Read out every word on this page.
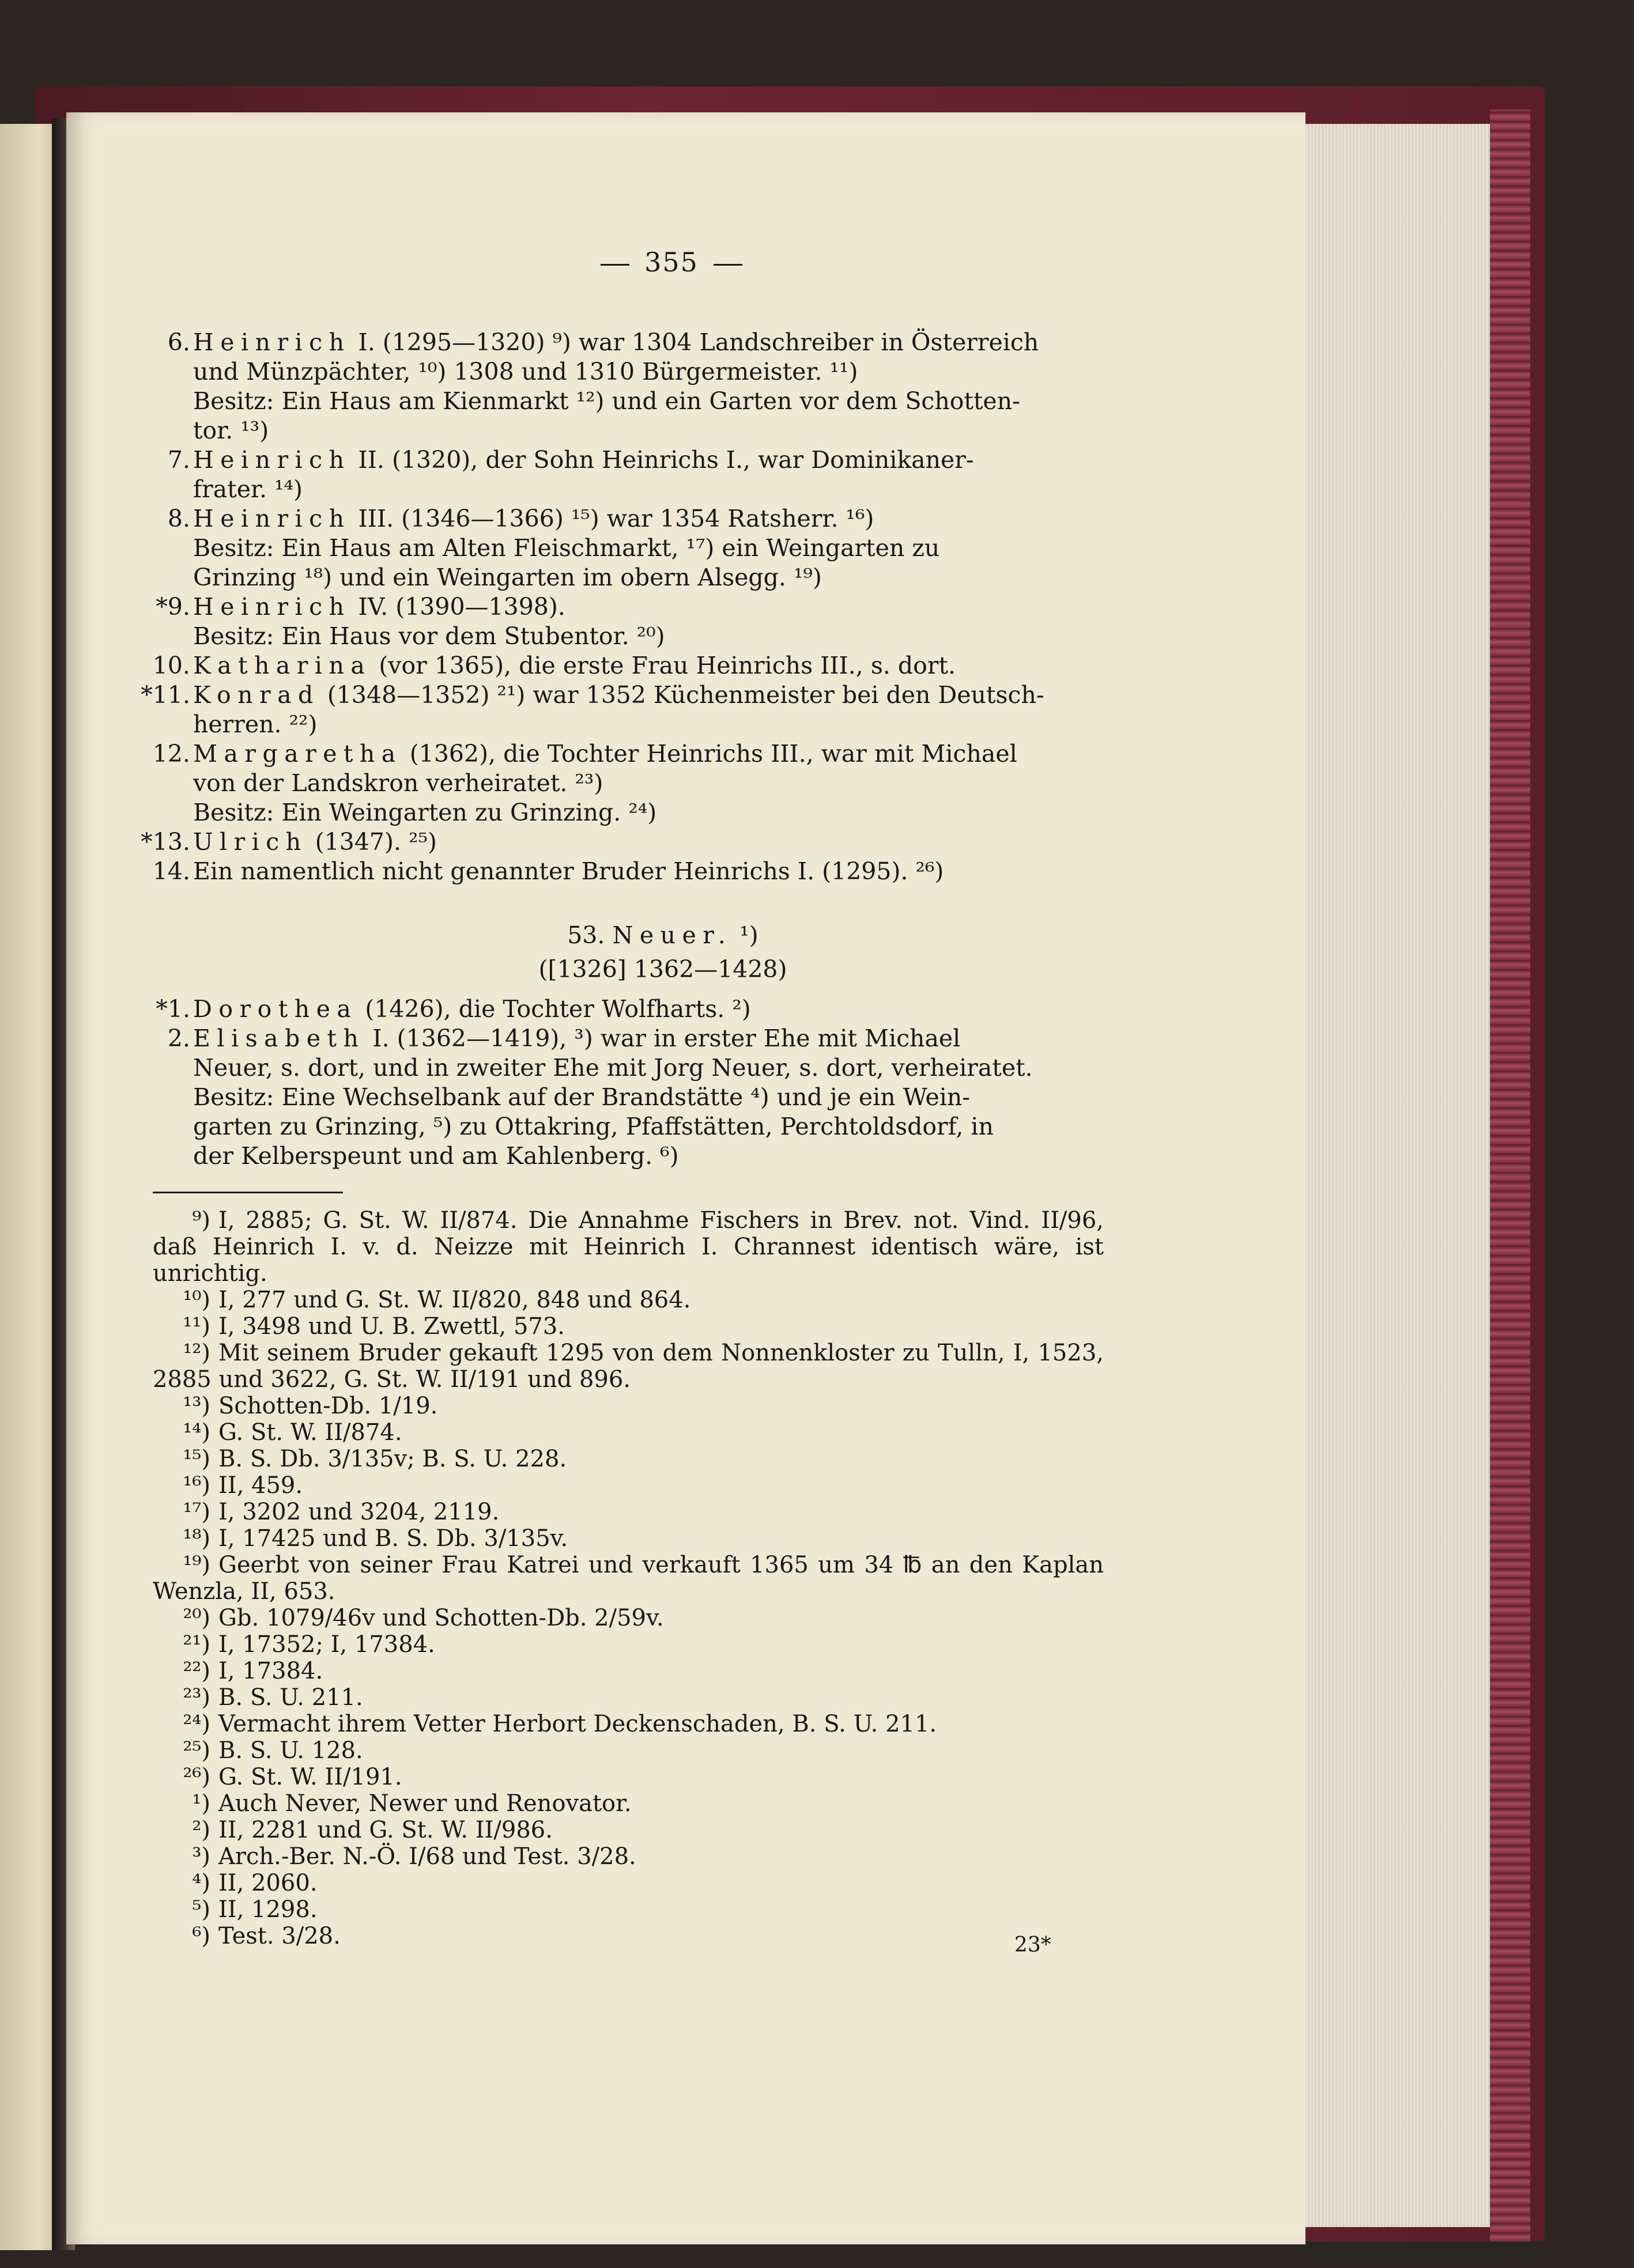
355
6. Heinrich I. (1295—1320) ⁹) war 1304 Landschreiber in Österreich
und Münzpächter, ¹⁰) 1308 und 1310 Bürgermeister. ¹¹)
Besitz: Ein Haus am Kienmarkt ¹²) und ein Garten vor dem Schotten-
tor. ¹³)
7. Heinrich II. (1320), der Sohn Heinrichs I., war Dominikaner-
frater. ¹⁴)
8. Heinrich III. (1346—1366) ¹⁵) war 1354 Ratsherr. ¹⁶)
Besitz: Ein Haus am Alten Fleischmarkt, ¹⁷) ein Weingarten zu
Grinzing ¹⁸) und ein Weingarten im obern Alsegg. ¹⁹)
*9. Heinrich IV. (1390—1398).
Besitz: Ein Haus vor dem Stubentor. ²⁰)
10. Katharina (vor 1365), die erste Frau Heinrichs III., s. dort.
*11. Konrad (1348—1352) ²¹) war 1352 Küchenmeister bei den Deutsch-
herren. ²²)
12. Margaretha (1362), die Tochter Heinrichs III., war mit Michael
von der Landskron verheiratet. ²³)
Besitz: Ein Weingarten zu Grinzing. ²⁴)
*13. Ulrich (1347). ²⁵)
14. Ein namentlich nicht genannter Bruder Heinrichs I. (1295). ²⁶)
53. Neuer. ¹)
([1326] 1362—1428)
*1. Dorothea (1426), die Tochter Wolfharts. ²)
2. Elisabeth I. (1362—1419), ³) war in erster Ehe mit Michael
Neuer, s. dort, und in zweiter Ehe mit Jorg Neuer, s. dort, verheiratet.
Besitz: Eine Wechselbank auf der Brandstätte ⁴) und je ein Wein-
garten zu Grinzing, ⁵) zu Ottakring, Pfaffstätten, Perchtoldsdorf, in
der Kelberspeunt und am Kahlenberg. ⁶)
⁹) I, 2885; G. St. W. II/874. Die Annahme Fischers in Brev. not. Vind. II/96, daß Heinrich I. v. d. Neizze mit Heinrich I. Chrannest identisch wäre, ist unrichtig.
¹⁰) I, 277 und G. St. W. II/820, 848 und 864.
¹¹) I, 3498 und U. B. Zwettl, 573.
¹²) Mit seinem Bruder gekauft 1295 von dem Nonnenkloster zu Tulln, I, 1523, 2885 und 3622, G. St. W. II/191 und 896.
¹³) Schotten-Db. 1/19.
¹⁴) G. St. W. II/874.
¹⁵) B. S. Db. 3/135v; B. S. U. 228.
¹⁶) II, 459.
¹⁷) I, 3202 und 3204, 2119.
¹⁸) I, 17425 und B. S. Db. 3/135v.
¹⁹) Geerbt von seiner Frau Katrei und verkauft 1365 um 34 ℔ an den Kaplan Wenzla, II, 653.
²⁰) Gb. 1079/46v und Schotten-Db. 2/59v.
²¹) I, 17352; I, 17384.
²²) I, 17384.
²³) B. S. U. 211.
²⁴) Vermacht ihrem Vetter Herbort Deckenschaden, B. S. U. 211.
²⁵) B. S. U. 128.
²⁶) G. St. W. II/191.
¹) Auch Never, Newer und Renovator.
²) II, 2281 und G. St. W. II/986.
³) Arch.-Ber. N.-Ö. I/68 und Test. 3/28.
⁴) II, 2060.
⁵) II, 1298.
⁶) Test. 3/28.	23*
